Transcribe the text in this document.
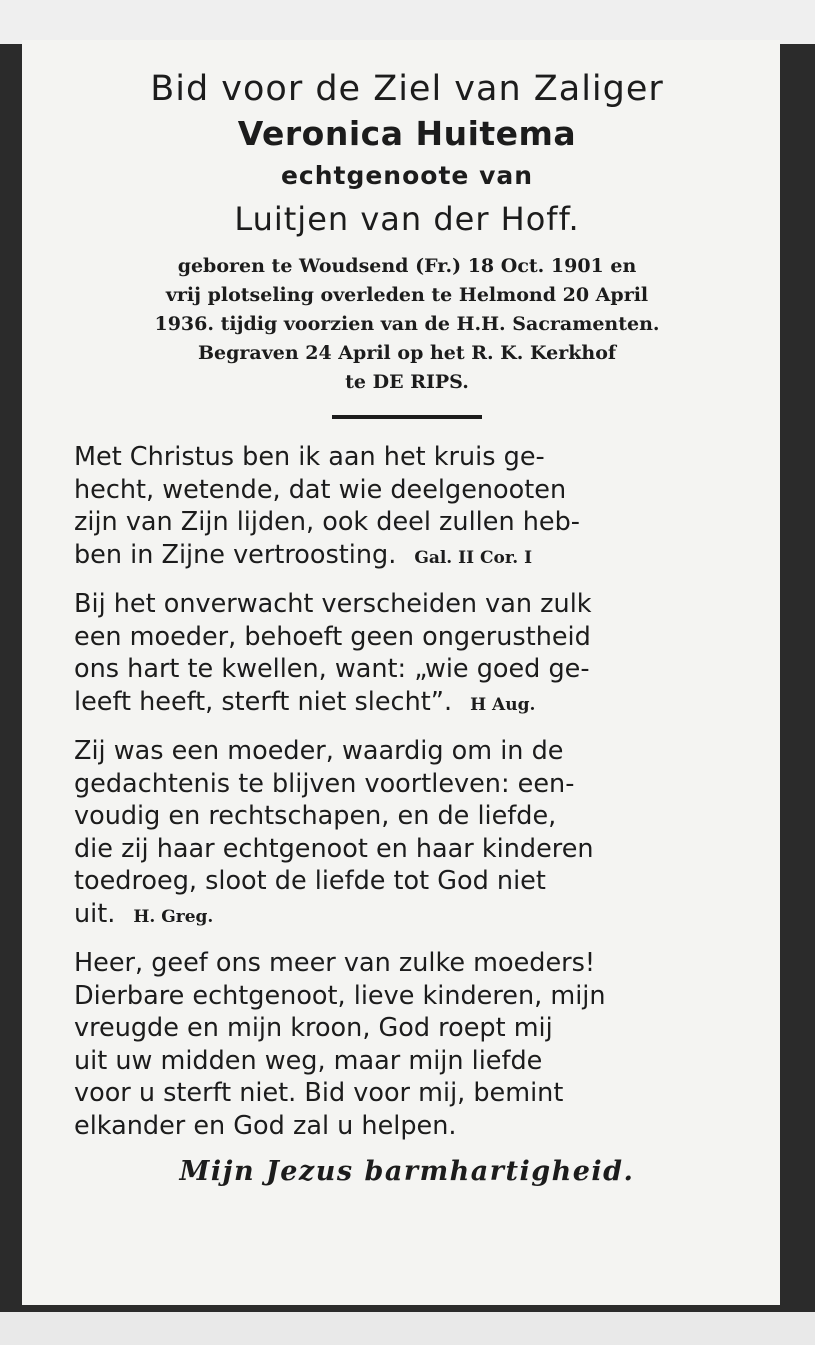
Bid voor de Ziel van Zaliger
Veronica Huitema
echtgenoote van
Luitjen van der Hoff.
geboren te Woudsend (Fr.) 18 Oct. 1901 en
vrij plotseling overleden te Helmond 20 April
1936. tijdig voorzien van de H.H. Sacramenten.
Begraven 24 April op het R. K. Kerkhof
te DE RIPS.
Met Christus ben ik aan het kruis ge-
hecht, wetende, dat wie deelgenooten
zijn van Zijn lijden, ook deel zullen heb-
ben in Zijne vertroosting. Gal. II Cor. I
Bij het onverwacht verscheiden van zulk
een moeder, behoeft geen ongerustheid
ons hart te kwellen, want: „wie goed ge-
leeft heeft, sterft niet slecht”. H Aug.
Zij was een moeder, waardig om in de
gedachtenis te blijven voortleven: een-
voudig en rechtschapen, en de liefde,
die zij haar echtgenoot en haar kinderen
toedroeg, sloot de liefde tot God niet
uit. H. Greg.
Heer, geef ons meer van zulke moeders!
Dierbare echtgenoot, lieve kinderen, mijn
vreugde en mijn kroon, God roept mij
uit uw midden weg, maar mijn liefde
voor u sterft niet. Bid voor mij, bemint
elkander en God zal u helpen.
Mijn Jezus barmhartigheid.
